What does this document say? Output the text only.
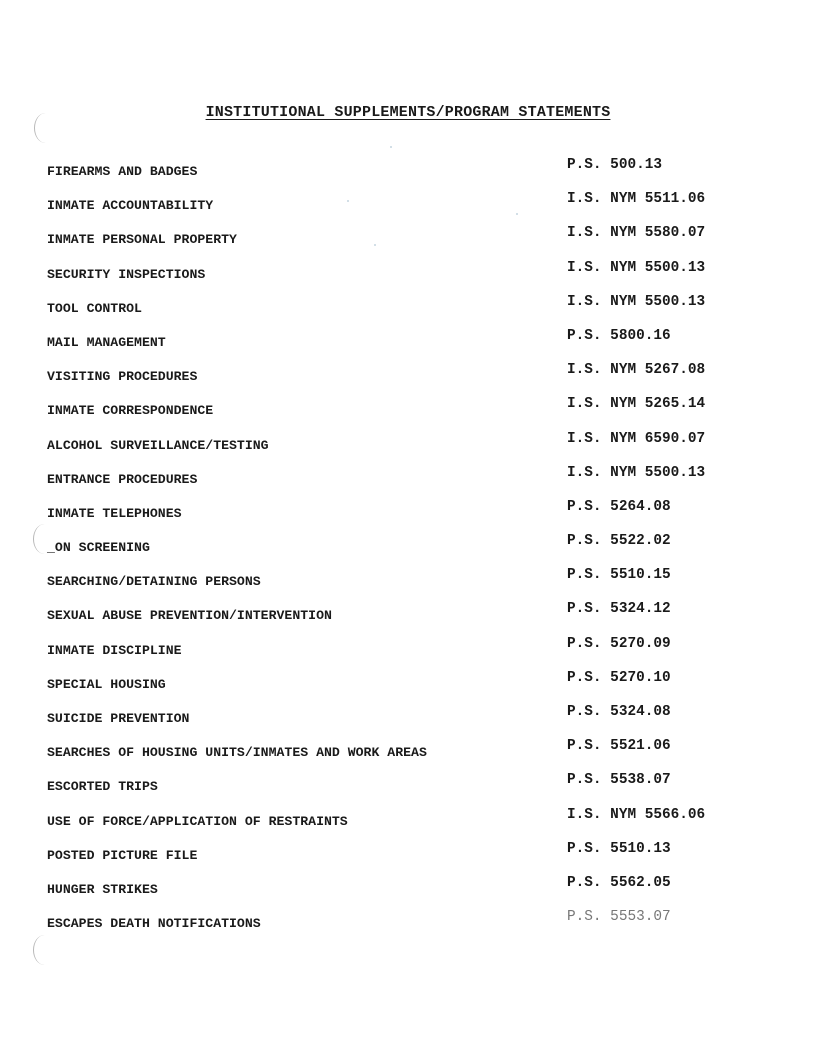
INSTITUTIONAL SUPPLEMENTS/PROGRAM STATEMENTS
FIREARMS AND BADGES	P.S. 500.13
INMATE ACCOUNTABILITY	I.S. NYM 5511.06
INMATE PERSONAL PROPERTY	I.S. NYM 5580.07
SECURITY INSPECTIONS	I.S. NYM 5500.13
TOOL CONTROL	I.S. NYM 5500.13
MAIL MANAGEMENT	P.S. 5800.16
VISITING PROCEDURES	I.S. NYM 5267.08
INMATE CORRESPONDENCE	I.S. NYM 5265.14
ALCOHOL SURVEILLANCE/TESTING	I.S. NYM 6590.07
ENTRANCE PROCEDURES	I.S. NYM 5500.13
INMATE TELEPHONES	P.S. 5264.08
_ON SCREENING	P.S. 5522.02
SEARCHING/DETAINING PERSONS	P.S. 5510.15
SEXUAL ABUSE PREVENTION/INTERVENTION	P.S. 5324.12
INMATE DISCIPLINE	P.S. 5270.09
SPECIAL HOUSING	P.S. 5270.10
SUICIDE PREVENTION	P.S. 5324.08
SEARCHES OF HOUSING UNITS/INMATES AND WORK AREAS	P.S. 5521.06
ESCORTED TRIPS	P.S. 5538.07
USE OF FORCE/APPLICATION OF RESTRAINTS	I.S. NYM 5566.06
POSTED PICTURE FILE	P.S. 5510.13
HUNGER STRIKES	P.S. 5562.05
ESCAPES DEATH NOTIFICATIONS	P.S. 5553.07
